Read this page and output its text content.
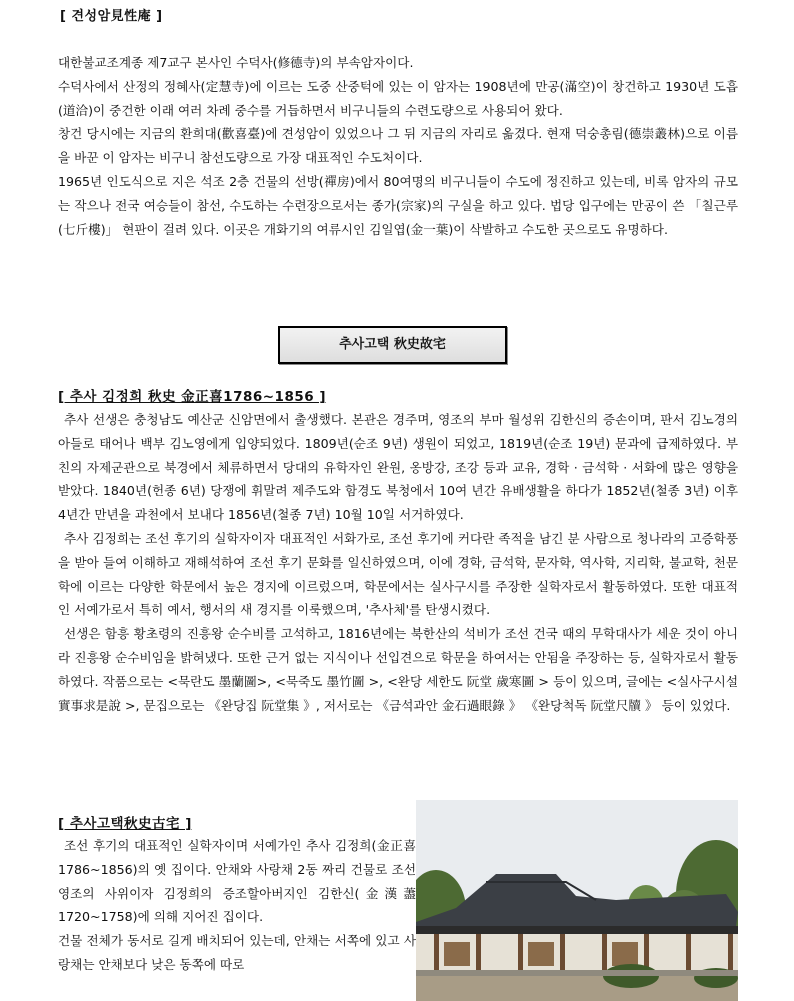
[ 견성암見性庵 ]

대한불교조계종 제7교구 본사인 수덕사(修德寺)의 부속암자이다.

수덕사에서 산정의 정혜사(定慧寺)에 이르는 도중 산중턱에 있는 이 암자는 1908년에 만공(滿空)이 창건하고 1930년 도흡(道洽)이 중건한 이래 여러 차례 중수를 거듭하면서 비구니들의 수련도량으로 사용되어 왔다.

창건 당시에는 지금의 환희대(歡喜臺)에 견성암이 있었으나 그 뒤 지금의 자리로 옮겼다. 현재 덕숭총림(德崇叢林)으로 이름을 바꾼 이 암자는 비구니 참선도량으로 가장 대표적인 수도처이다.

1965년 인도식으로 지은 석조 2층 건물의 선방(禪房)에서 80여명의 비구니들이 수도에 정진하고 있는데, 비록 암자의 규모는 작으나 전국 여승들이 참선, 수도하는 수련장으로서는 종가(宗家)의 구실을 하고 있다. 법당 입구에는 만공이 쓴 「칠근루(七斤樓)」 현판이 걸려 있다. 이곳은 개화기의 여류시인 김일엽(金一葉)이 삭발하고 수도한 곳으로도 유명하다.

추사고택 秋史故宅
[ 추사 김정희 秋史 金正喜1786~1856 ]

추사 선생은 충청남도 예산군 신암면에서 출생했다. 본관은 경주며, 영조의 부마 월성위 김한신의 증손이며, 판서 김노경의 아들로 태어나 백부 김노영에게 입양되었다. 1809년(순조 9년) 생원이 되었고, 1819년(순조 19년) 문과에 급제하였다. 부친의 자제군관으로 북경에서 체류하면서 당대의 유학자인 완원, 옹방강, 조강 등과 교유, 경학 · 금석학 · 서화에 많은 영향을 받았다. 1840년(헌종 6년) 당쟁에 휘말려 제주도와 함경도 북청에서 10여 년간 유배생활을 하다가 1852년(철종 3년) 이후 4년간 만년을 과천에서 보내다 1856년(철종 7년) 10월 10일 서거하였다.

추사 김정희는 조선 후기의 실학자이자 대표적인 서화가로, 조선 후기에 커다란 족적을 남긴 분 사람으로 청나라의 고증학풍을 받아 들여 이해하고 재해석하여 조선 후기 문화를 일신하였으며, 이에 경학, 금석학, 문자학, 역사학, 지리학, 불교학, 천문학에 이르는 다양한 학문에서 높은 경지에 이르렀으며, 학문에서는 실사구시를 주장한 실학자로서 활동하였다. 또한 대표적인 서예가로서 특히 예서, 행서의 새 경지를 이룩했으며, '추사체'를 탄생시켰다.

선생은 함흥 황초령의 진흥왕 순수비를 고석하고, 1816년에는 북한산의 석비가 조선 건국 때의 무학대사가 세운 것이 아니라 진흥왕 순수비임을 밝혀냈다. 또한 근거 없는 지식이나 선입견으로 학문을 하여서는 안됨을 주장하는 등, 실학자로서 활동하였다. 작품으로는 <묵란도 墨蘭圖>, <묵죽도 墨竹圖 >, <완당 세한도 阮堂 歲寒圖 > 등이 있으며, 글에는 <실사구시설 實事求是說 >, 문집으로는 《완당집 阮堂集 》, 저서로는 《금석과안 金石過眼錄 》 《완당척독 阮堂尺牘 》 등이 있었다.

[ 추사고택秋史古宅 ]

조선 후기의 대표적인 실학자이며 서예가인 추사 김정희(金正喜 1786~1856)의 옛 집이다. 안채와 사랑채 2동 짜리 건물로 조선 영조의 사위이자 김정희의 증조할아버지인 김한신(金漢藎 1720~1758)에 의해 지어진 집이다.

건물 전체가 동서로 길게 배치되어 있는데, 안채는 서쪽에 있고 사랑채는 안채보다 낮은 동쪽에 따로
